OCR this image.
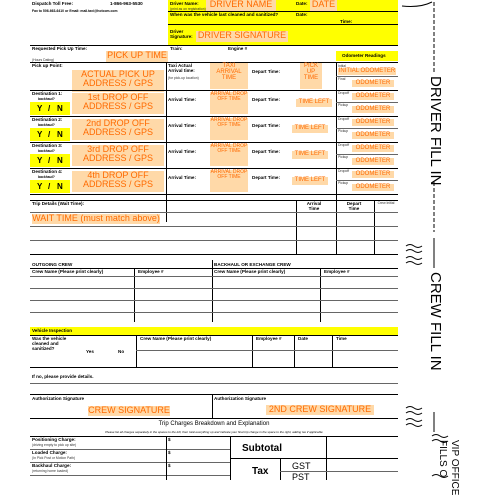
Dispatch Toll Free:	1-866-963-5530
Fax to 506-663-6410 or Email: mail.taxi@hotcom.com
Driver Name:
(print as on registration) DRIVER NAME	Date: DATE
When was the vehicle last cleaned and sanitized?	Date:
Time:
Driver Signature: DRIVER SIGNATURE
Requested Pick Up Time:	Train:	Engine #
PICK UP TIME
(Hours Dating)
Odometer Readings
Pick up Point:
ACTUAL PICK UP ADDRESS / GPS
Taxi Actual Arrival time:
(for pick-up location)
TAXI ARRIVAL TIME
Depart Time:
PICK UP TIME
Initial
INITIAL ODOMETER
Final
ODOMETER
Destination 1:
backhaul?
Y / N
1st DROP OFF ADDRESS / GPS
Arrival Time:
ARRIVAL DROP OFF TIME	Depart Time:	TIME LEFT
Dropoff	ODOMETER
Pickup
ODOMETER
Destination 2:
backhaul?
Y / N
2nd DROP OFF ADDRESS / GPS
Arrival Time:
ARRIVAL DROP OFF TIME	Depart Time:	TIME LEFT
Dropoff	ODOMETER
Pickup
ODOMETER
Destination 3:
backhaul?
Y / N
3rd DROP OFF ADDRESS / GPS
Arrival Time:
ARRIVAL DROP OFF TIME	Depart Time:	TIME LEFT
Dropoff	ODOMETER
Pickup
ODOMETER
Destination 4:
backhaul?
Y / N
4th DROP OFF ADDRESS / GPS
Arrival Time:
ARRIVAL DROP OFF TIME	Depart Time:	TIME LEFT
Dropoff	ODOMETER
Pickup
ODOMETER
Trip Details (Wait Time):	Arrival Time
Depart Time
Crew Initial
WAIT TIME (must match above)
OUTGOING CREW	BACKHAUL OR EXCHANGE CREW
Crew Name (Please print clearly)	Employee #	Crew Name (Please print clearly)	Employee #
Vehicle Inspection
Was the vehicle cleaned and sanitized?
Yes	No
Crew Name (Please print clearly)	Employee #	Date	Time
If no, please provide details.
Authorization Signature	Authorization Signature
CREW SIGNATURE	2ND CREW SIGNATURE
Trip Charges Breakdown and Explanation
Please list all charges separately in the spaces to the left, then total everything up and indicate your final trip charge in the space to the right, adding tax if applicable
Positioning Charge:
(driving empty to pick up site)
$
Loaded Charge:
(In Pick Post or Motion Path)
$
Backhaul Charge:
(returning home loaded)
$
Subtotal
Tax	GST
PST
DRIVER FILL IN
CREW FILL IN
VIP OFFICE
FILLS O
